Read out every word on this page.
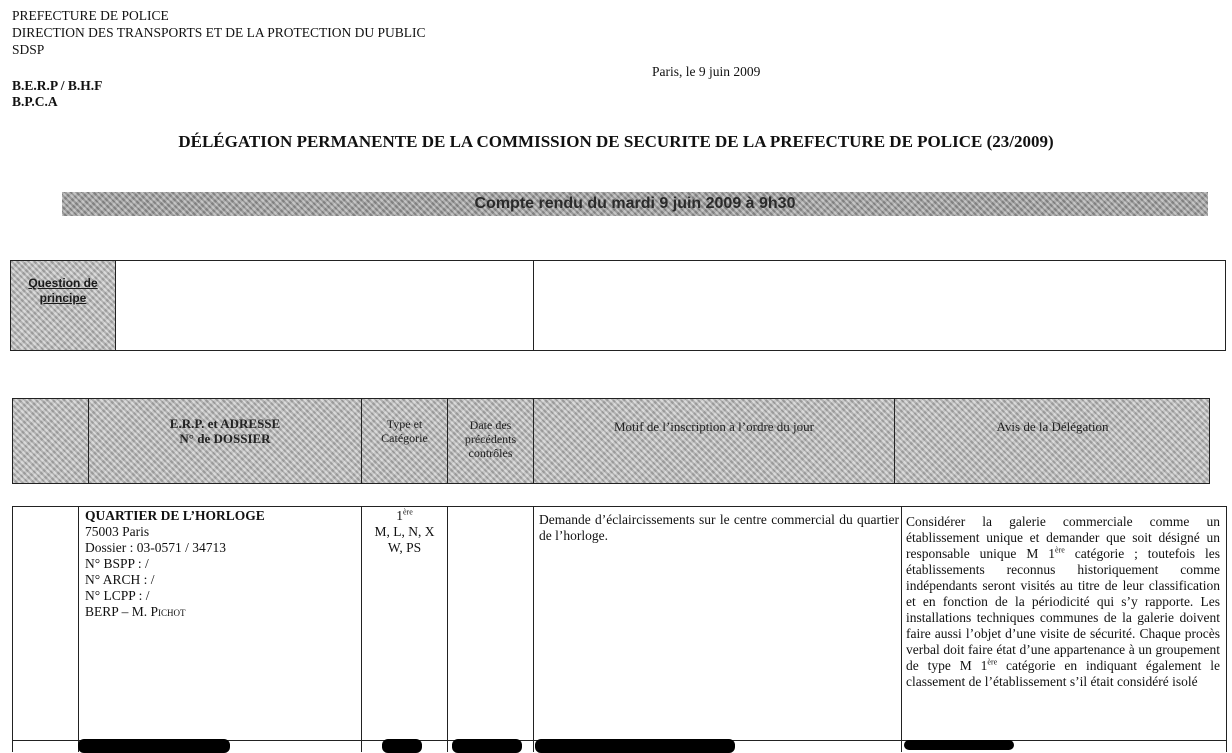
PREFECTURE DE POLICE
DIRECTION DES TRANSPORTS ET DE LA PROTECTION DU PUBLIC
SDSP
B.E.R.P / B.H.F
B.P.C.A
Paris, le 9 juin 2009
DÉLÉGATION PERMANENTE DE LA COMMISSION DE SECURITE DE LA PREFECTURE DE POLICE (23/2009)
Compte rendu du mardi 9 juin 2009 à 9h30
Question de
principe
E.R.P. et ADRESSE
N° de DOSSIER
Type et
Catégorie
Date des
précédents
contrôles
Motif de l’inscription à l’ordre du jour	Avis de la Délégation
QUARTIER DE L’HORLOGE
75003 Paris
Dossier : 03-0571 / 34713
N° BSPP : /
N° ARCH : /
N° LCPP : /
BERP – M. Pichot
1ère
M, L, N, X
W, PS
Demande d’éclaircissements sur le centre commercial du quartier de l’horloge.
Considérer la galerie commerciale comme un établissement unique et demander que soit désigné un responsable unique M 1ère catégorie ; toutefois les établissements reconnus historiquement comme indépendants seront visités au titre de leur classification et en fonction de la périodicité qui s’y rapporte. Les installations techniques communes de la galerie doivent faire aussi l’objet d’une visite de sécurité. Chaque procès verbal doit faire état d’une appartenance à un groupement de type M 1ère catégorie en indiquant également le classement de l’établissement s’il était considéré isolé
